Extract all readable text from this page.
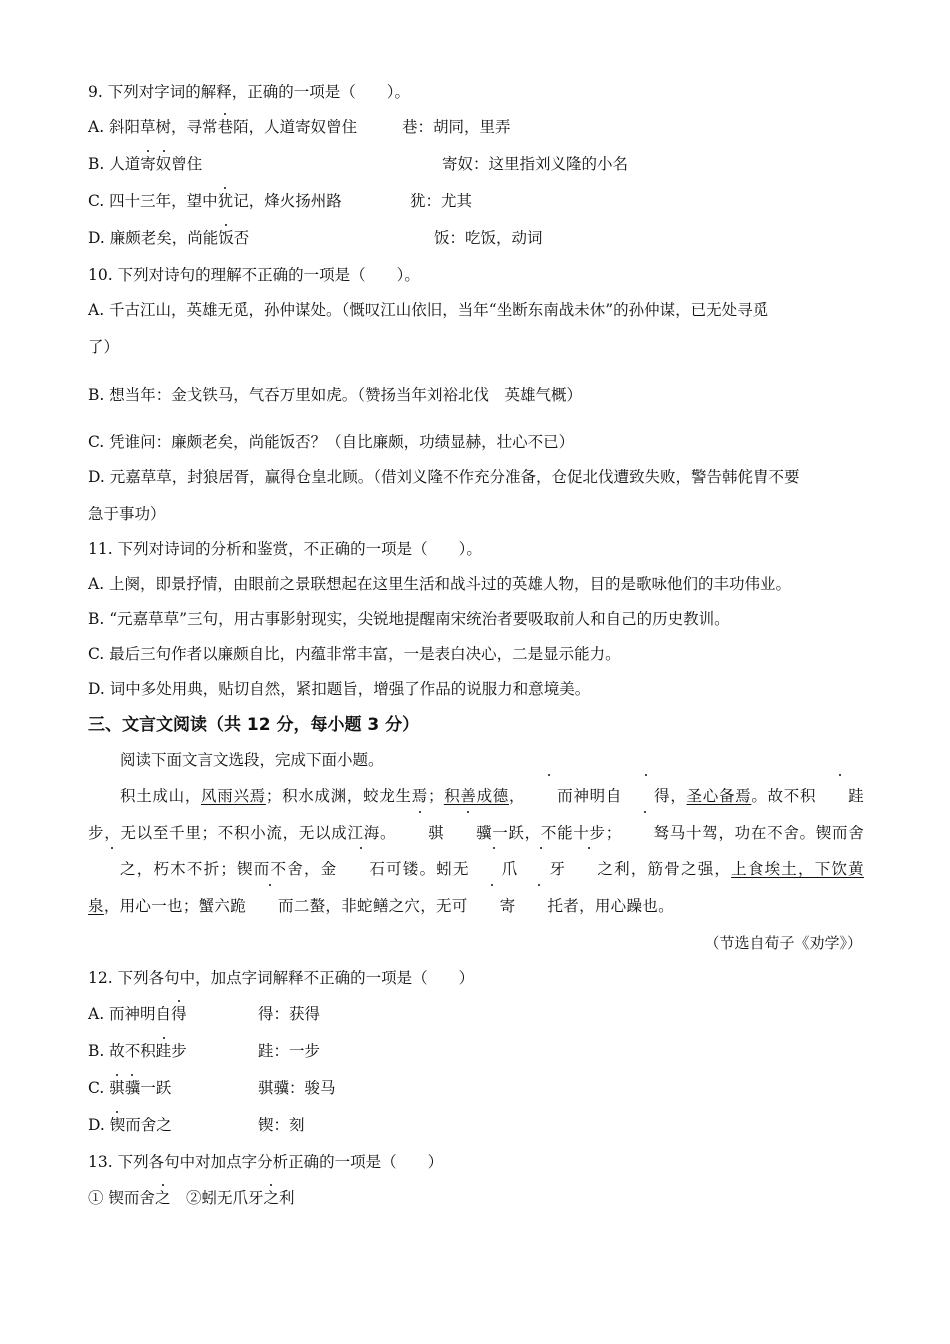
9. 下列对字词的解释，正确的一项是（　　）。
A. 斜阳草树，寻常巷陌，人道寄奴曾住	巷：胡同，里弄
B. 人道寄奴曾住	寄奴：这里指刘义隆的小名
C. 四十三年，望中犹记，烽火扬州路	犹：尤其
D. 廉颇老矣，尚能饭否	饭：吃饭，动词
10. 下列对诗句的理解不正确的一项是（　　）。
A. 千古江山，英雄无觅，孙仲谋处。（慨叹江山依旧，当年“坐断东南战未休”的孙仲谋，已无处寻觅
了）
B. 想当年：金戈铁马，气吞万里如虎。（赞扬当年刘裕北伐　英雄气概）
C. 凭谁问：廉颇老矣，尚能饭否？（自比廉颇，功绩显赫，壮心不已）
D. 元嘉草草，封狼居胥，赢得仓皇北顾。（借刘义隆不作充分准备，仓促北伐遭致失败，警告韩侂胄不要
急于事功）
11. 下列对诗词的分析和鉴赏，不正确的一项是（　　）。
A. 上阕，即景抒情，由眼前之景联想起在这里生活和战斗过的英雄人物，目的是歌咏他们的丰功伟业。
B. “元嘉草草”三句，用古事影射现实，尖锐地提醒南宋统治者要吸取前人和自己的历史教训。
C. 最后三句作者以廉颇自比，内蕴非常丰富，一是表白决心，二是显示能力。
D. 词中多处用典，贴切自然，紧扣题旨，增强了作品的说服力和意境美。
三、文言文阅读（共 12 分，每小题 3 分）
阅读下面文言文选段，完成下面小题。
积土成山，风雨兴焉；积水成渊，蛟龙生焉；积善成德， 而神明自 得，圣心备焉。故不积 跬步，无以至千里；不积小流，无以成江海。 骐 骥一跃，不能十步； 驽马十驾，功在不舍。锲而舍之，朽木不折；锲而不舍，金 石可镂。蚓无 爪 牙 之利，筋骨之强，上食埃土，下饮黄泉，用心一也；蟹六跪 而二螯，非蛇鳝之穴，无可 寄 托者，用心躁也。
（节选自荀子《劝学》）
12. 下列各句中，加点字词解释不正确的一项是（　　）
A. 而神明自得	得：获得
B. 故不积跬步	跬：一步
C. 骐骥一跃	骐骥：骏马
D. 锲而舍之	锲：刻
13. 下列各句中对加点字分析正确的一项是（　　）
① 锲而舍之　②蚓无爪牙之利
